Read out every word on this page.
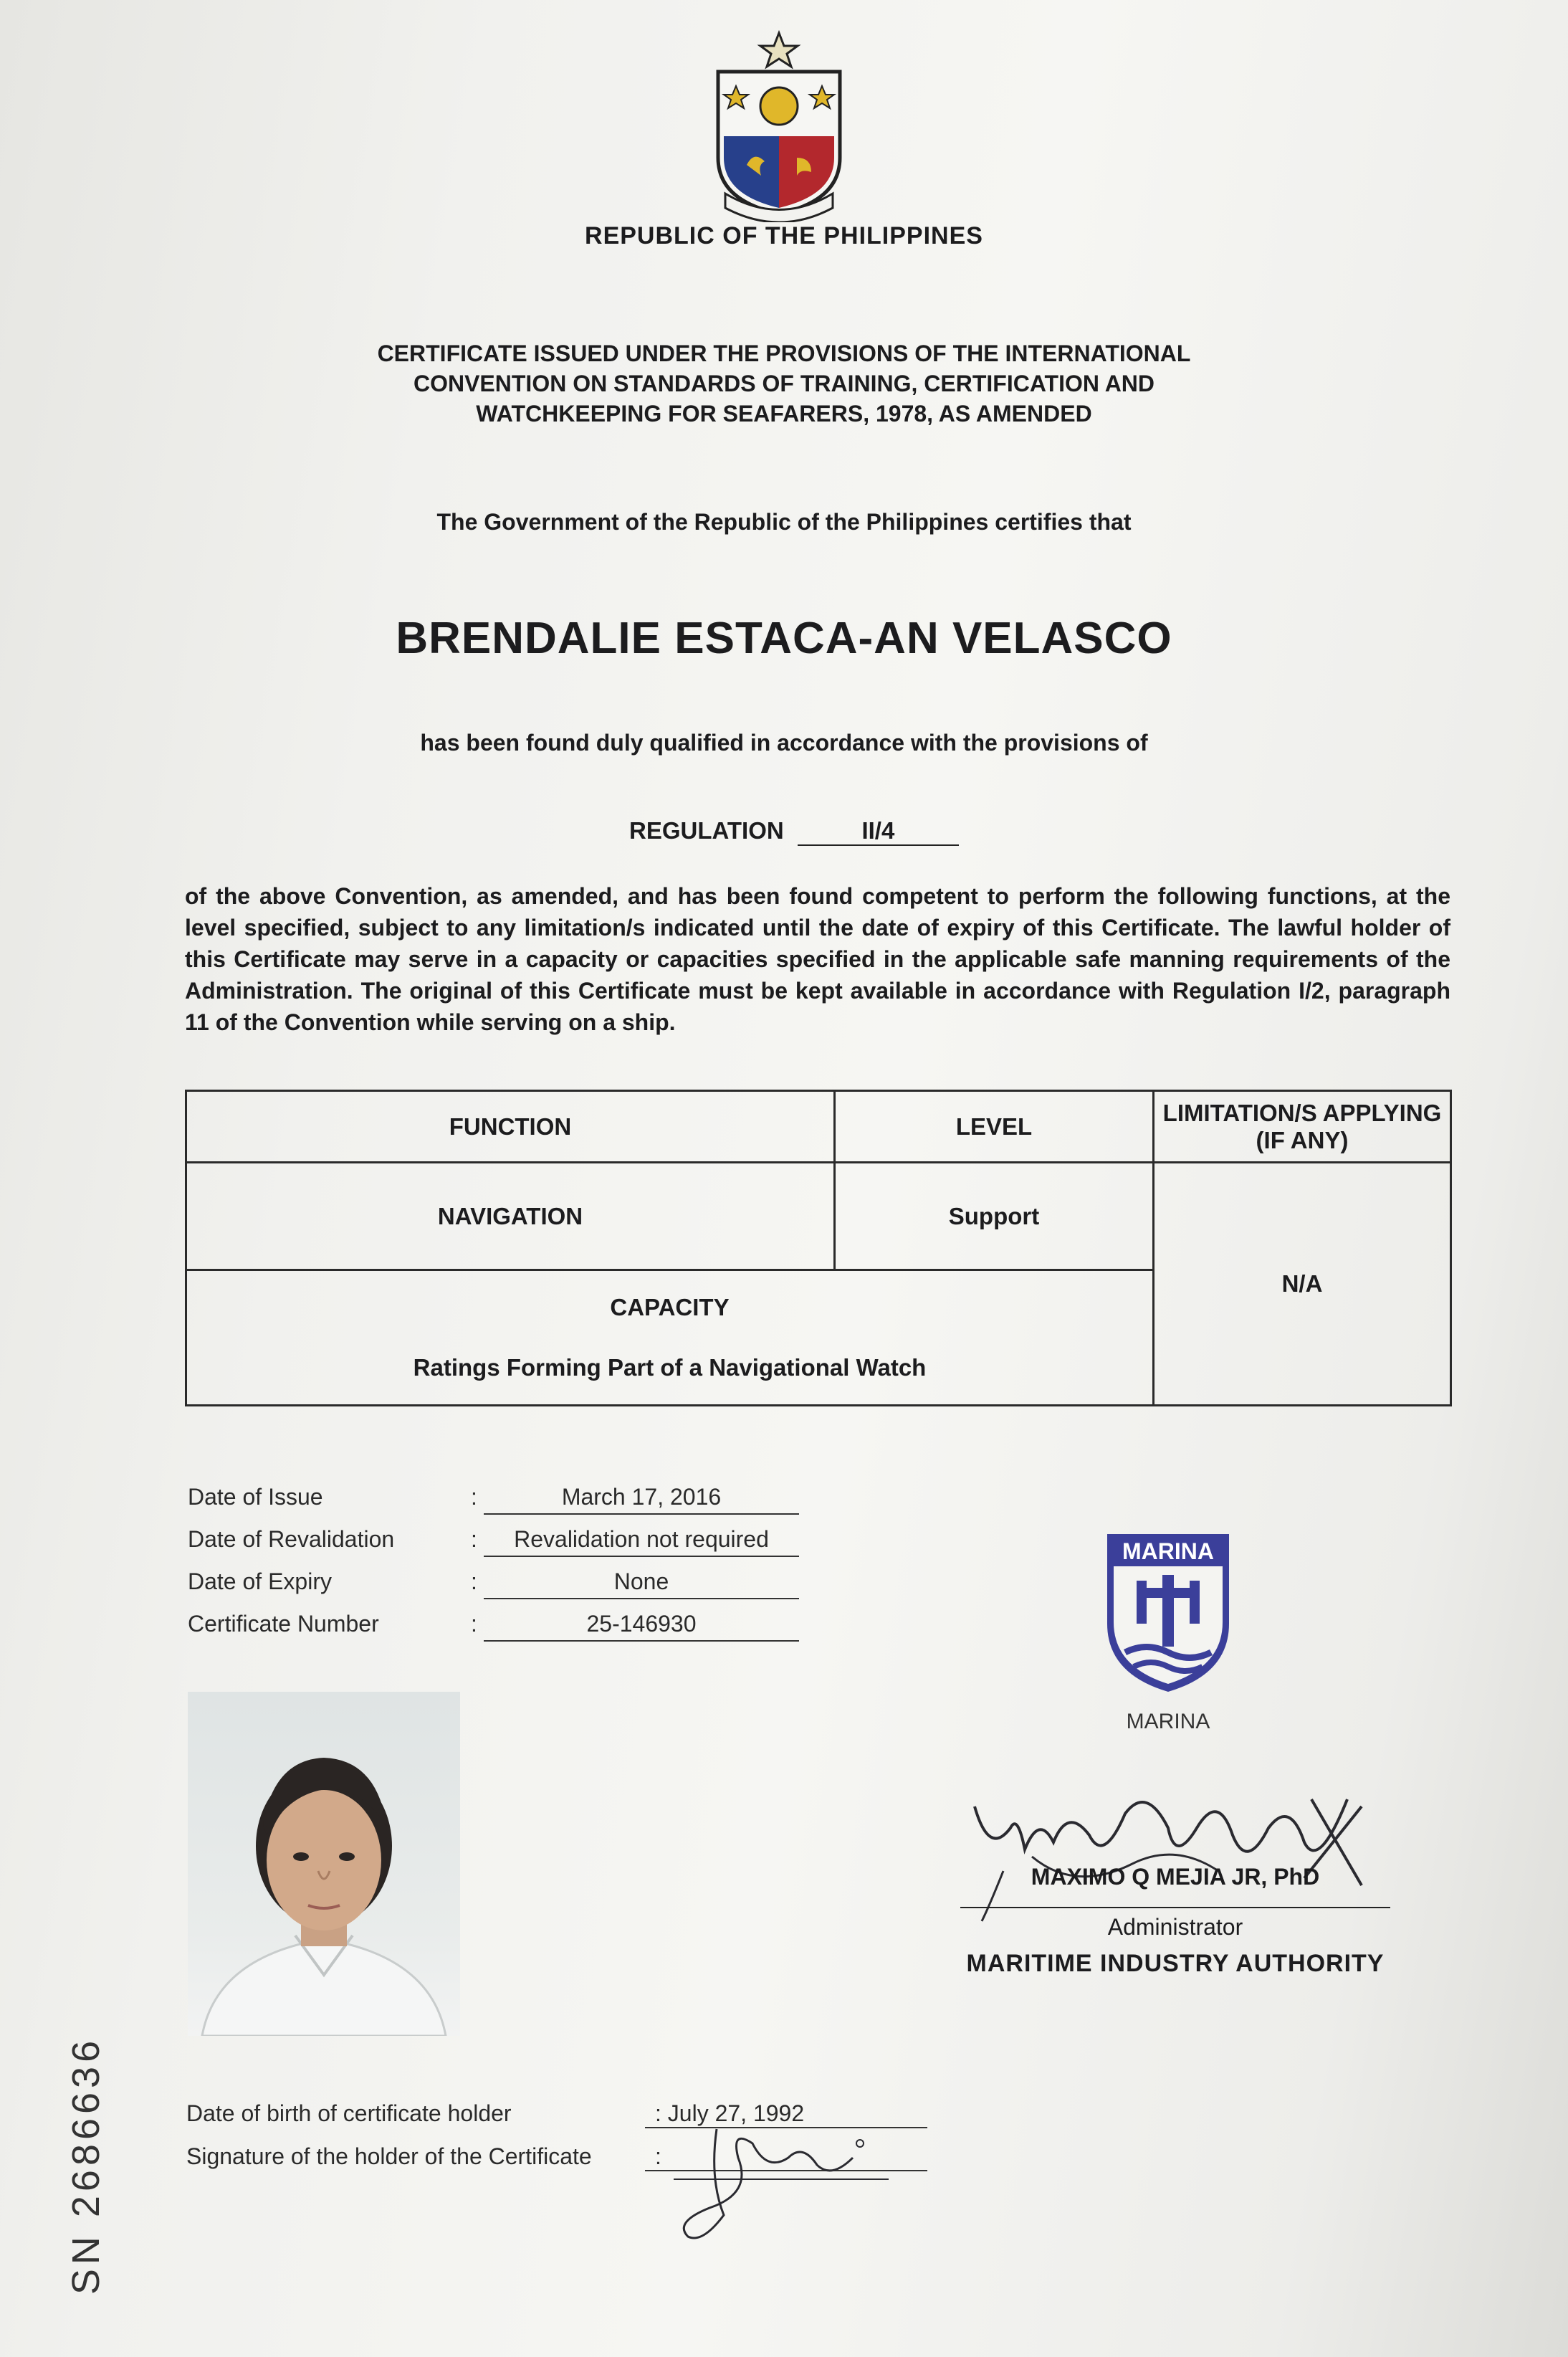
REPUBLIC OF THE PHILIPPINES
CERTIFICATE ISSUED UNDER THE PROVISIONS OF THE INTERNATIONAL
CONVENTION ON STANDARDS OF TRAINING, CERTIFICATION AND
WATCHKEEPING FOR SEAFARERS, 1978, AS AMENDED
The Government of the Republic of the Philippines certifies that
BRENDALIE ESTACA-AN VELASCO
has been found duly qualified in accordance with the provisions of
REGULATION	II/4
of the above Convention, as amended, and has been found competent to perform the following functions, at the level specified, subject to any limitation/s indicated until the date of expiry of this Certificate. The lawful holder of this Certificate may serve in a capacity or capacities specified in the applicable safe manning requirements of the Administration. The original of this Certificate must be kept available in accordance with Regulation I/2, paragraph 11 of the Convention while serving on a ship.
FUNCTION	LEVEL	LIMITATION/S APPLYING (IF ANY)
NAVIGATION	Support	N/A

CAPACITY
Ratings Forming Part of a Navigational Watch		
Date of Issue	:	March 17, 2016
Date of Revalidation	:	Revalidation not required
Date of Expiry	:	None
Certificate Number	:	25-146930
MARINA
MARINA
MAXIMO Q MEJIA JR, PhD
Administrator
MARITIME INDUSTRY AUTHORITY
Date of birth of certificate holder	: July 27, 1992
Signature of the holder of the Certificate	:
SN 2686636
